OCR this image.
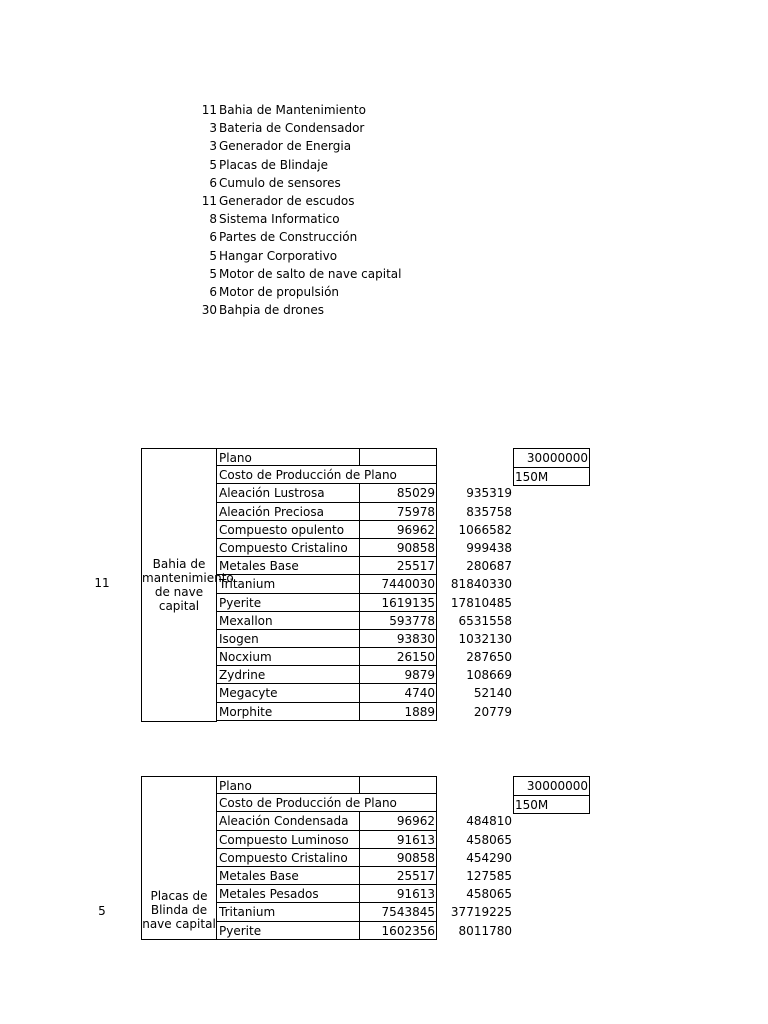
11 Bahia de Mantenimiento
3 Bateria de Condensador
3 Generador de Energia
5 Placas de Blindaje
6 Cumulo de sensores
11 Generador de escudos
8 Sistema Informatico
6 Partes de Construcción
5 Hangar Corporativo
5 Motor de salto de nave capital
6 Motor de propulsión
30 Bahpia de drones
11
Bahia de mantenimiento de nave capital
Plano
Costo de Producción de Plano
Aleación Lustrosa	85029	935319
Aleación Preciosa	75978	835758
Compuesto opulento	96962	1066582
Compuesto Cristalino	90858	999438
Metales Base	25517	280687
Tritanium	7440030	81840330
Pyerite	1619135	17810485
Mexallon	593778	6531558
Isogen	93830	1032130
Nocxium	26150	287650
Zydrine	9879	108669
Megacyte	4740	52140
Morphite	1889	20779
30000000
150M
5
Placas de Blinda de nave capital
Plano
Costo de Producción de Plano
Aleación Condensada	96962	484810
Compuesto Luminoso	91613	458065
Compuesto Cristalino	90858	454290
Metales Base	25517	127585
Metales Pesados	91613	458065
Tritanium	7543845	37719225
Pyerite	1602356	8011780
30000000
150M
